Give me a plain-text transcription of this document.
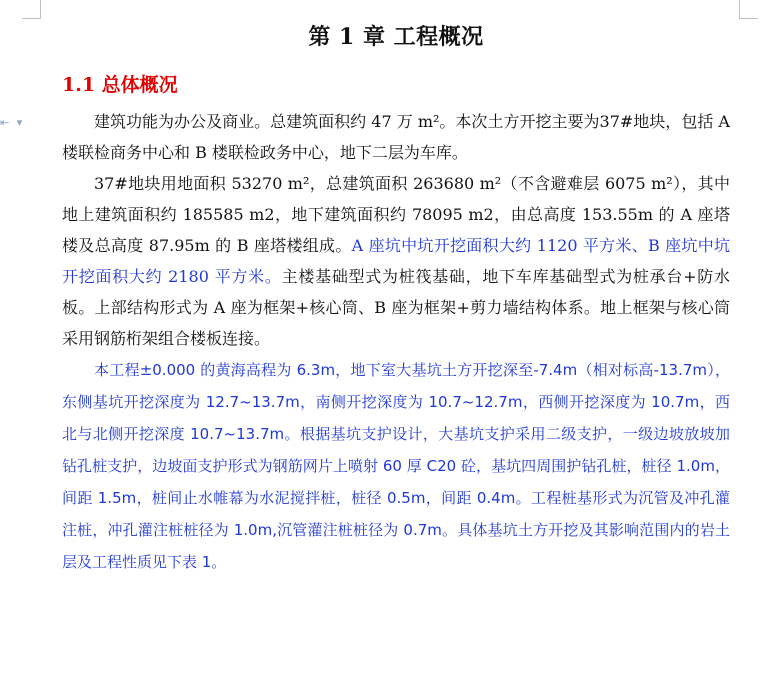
⇤ ▾
第 1 章 工程概况
1.1 总体概况

建筑功能为办公及商业。总建筑面积约 47 万 m²。本次土方开挖主要为37#地块，包括 A 楼联检商务中心和 B 楼联检政务中心，地下二层为车库。

37#地块用地面积 53270 m²，总建筑面积 263680 m²（不含避难层 6075 m²），其中地上建筑面积约 185585 m2，地下建筑面积约 78095 m2，由总高度 153.55m 的 A 座塔楼及总高度 87.95m 的 B 座塔楼组成。A 座坑中坑开挖面积大约 1120 平方米、B 座坑中坑开挖面积大约 2180 平方米。主楼基础型式为桩筏基础，地下车库基础型式为桩承台+防水板。上部结构形式为 A 座为框架+核心筒、B 座为框架+剪力墙结构体系。地上框架与核心筒采用钢筋桁架组合楼板连接。

本工程±0.000 的黄海高程为 6.3m，地下室大基坑土方开挖深至-7.4m（相对标高-13.7m），东侧基坑开挖深度为 12.7~13.7m，南侧开挖深度为 10.7~12.7m，西侧开挖深度为 10.7m，西北与北侧开挖深度 10.7~13.7m。根据基坑支护设计，大基坑支护采用二级支护，一级边坡放坡加钻孔桩支护，边坡面支护形式为钢筋网片上喷射 60 厚 C20 砼，基坑四周围护钻孔桩，桩径 1.0m，间距 1.5m，桩间止水帷幕为水泥搅拌桩，桩径 0.5m，间距 0.4m。工程桩基形式为沉管及冲孔灌注桩，冲孔灌注桩桩径为 1.0m,沉管灌注桩桩径为 0.7m。具体基坑土方开挖及其影响范围内的岩土层及工程性质见下表 1。
